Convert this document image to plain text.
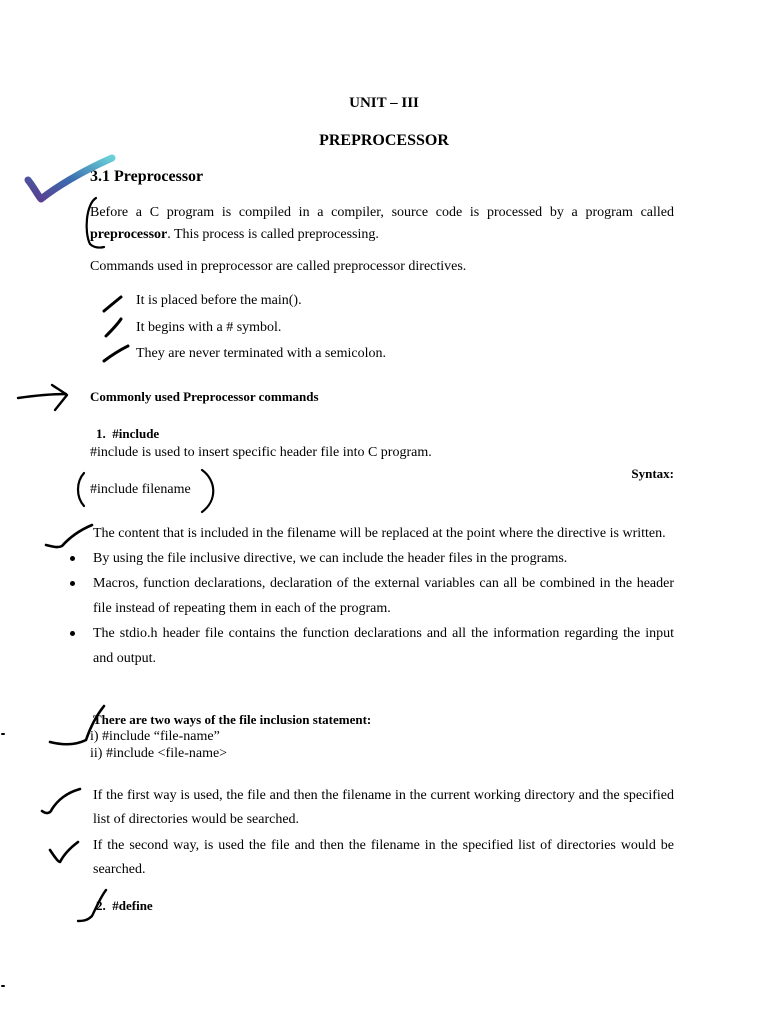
UNIT – III
PREPROCESSOR
3.1 Preprocessor
Before a C program is compiled in a compiler, source code is processed by a program called preprocessor. This process is called preprocessing.
Commands used in preprocessor are called preprocessor directives.
It is placed before the main().
It begins with a # symbol.
They are never terminated with a semicolon.
Commonly used Preprocessor commands
1.  #include
#include is used to insert specific header file into C program.
Syntax:
#include filename
The content that is included in the filename will be replaced at the point where the directive is written.
By using the file inclusive directive, we can include the header files in the programs.
Macros, function declarations, declaration of the external variables can all be combined in the header file instead of repeating them in each of the program.
The stdio.h header file contains the function declarations and all the information regarding the input and output.
There are two ways of the file inclusion statement:
i) #include “file-name”
ii) #include <file-name>
If the first way is used, the file and then the filename in the current working directory and the specified list of directories would be searched.
If the second way, is used the file and then the filename in the specified list of directories would be searched.
2.  #define
